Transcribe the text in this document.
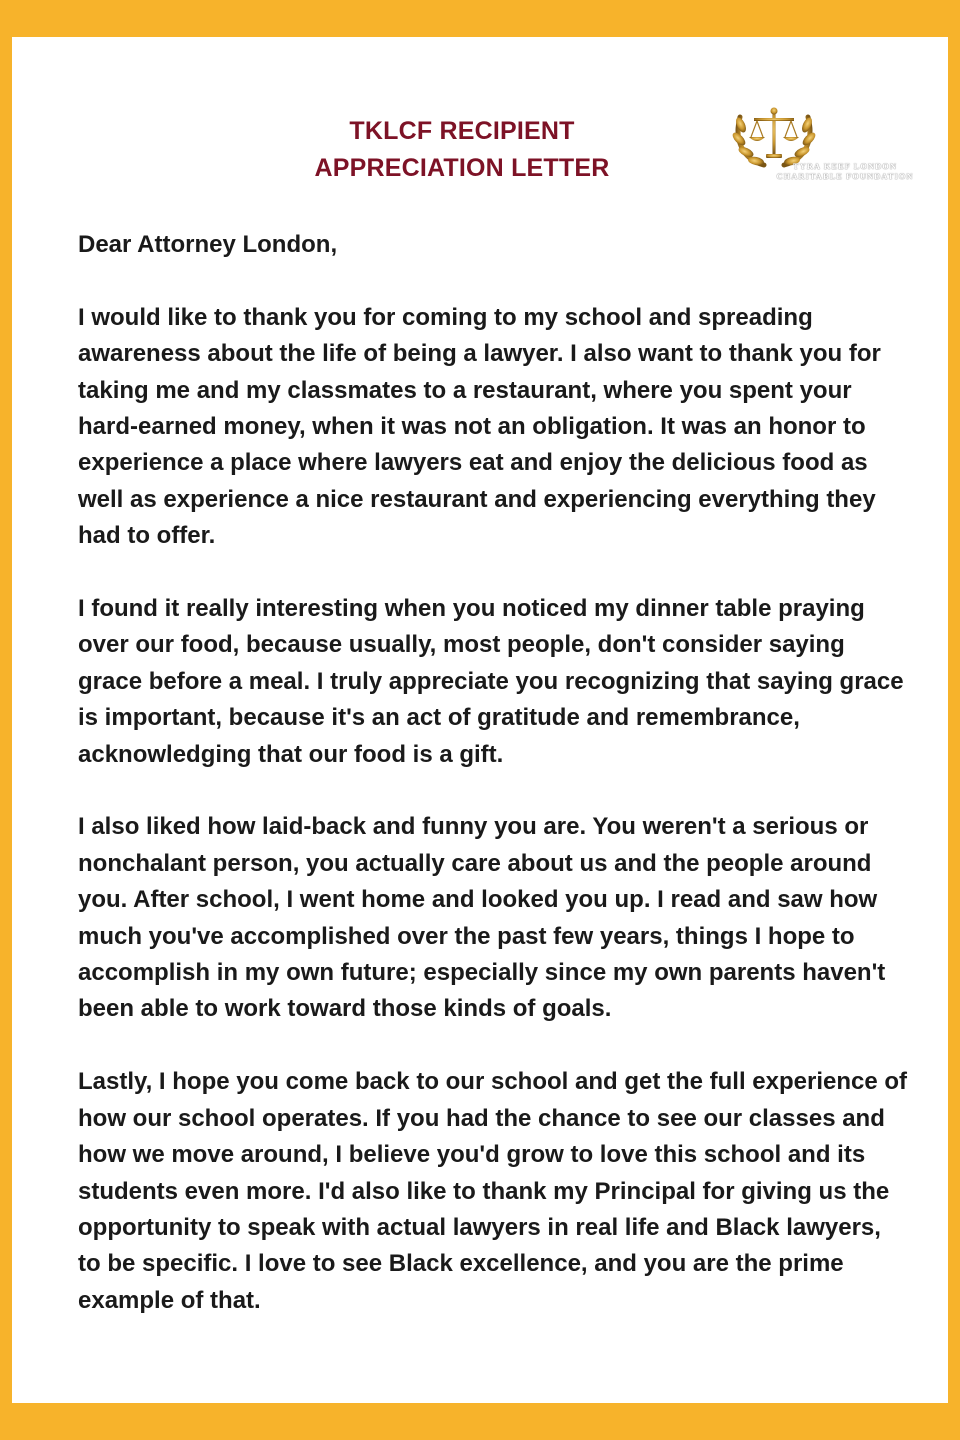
TKLCF RECIPIENT
APPRECIATION LETTER	TYRA KEEF LONDON
CHARITABLE FOUNDATION

Dear Attorney London,

I would like to thank you for coming to my school and spreading awareness about the life of being a lawyer. I also want to thank you for taking me and my classmates to a restaurant, where you spent your hard-earned money, when it was not an obligation. It was an honor to experience a place where lawyers eat and enjoy the delicious food as well as experience a nice restaurant and experiencing everything they had to offer.

I found it really interesting when you noticed my dinner table praying over our food, because usually, most people, don't consider saying grace before a meal. I truly appreciate you recognizing that saying grace is important, because it's an act of gratitude and remembrance, acknowledging that our food is a gift.

I also liked how laid-back and funny you are. You weren't a serious or nonchalant person, you actually care about us and the people around you. After school, I went home and looked you up. I read and saw how much you've accomplished over the past few years, things I hope to accomplish in my own future; especially since my own parents haven't been able to work toward those kinds of goals.

Lastly, I hope you come back to our school and get the full experience of how our school operates. If you had the chance to see our classes and how we move around, I believe you'd grow to love this school and its students even more. I'd also like to thank my Principal for giving us the opportunity to speak with actual lawyers in real life and Black lawyers, to be specific. I love to see Black excellence, and you are the prime example of that.
